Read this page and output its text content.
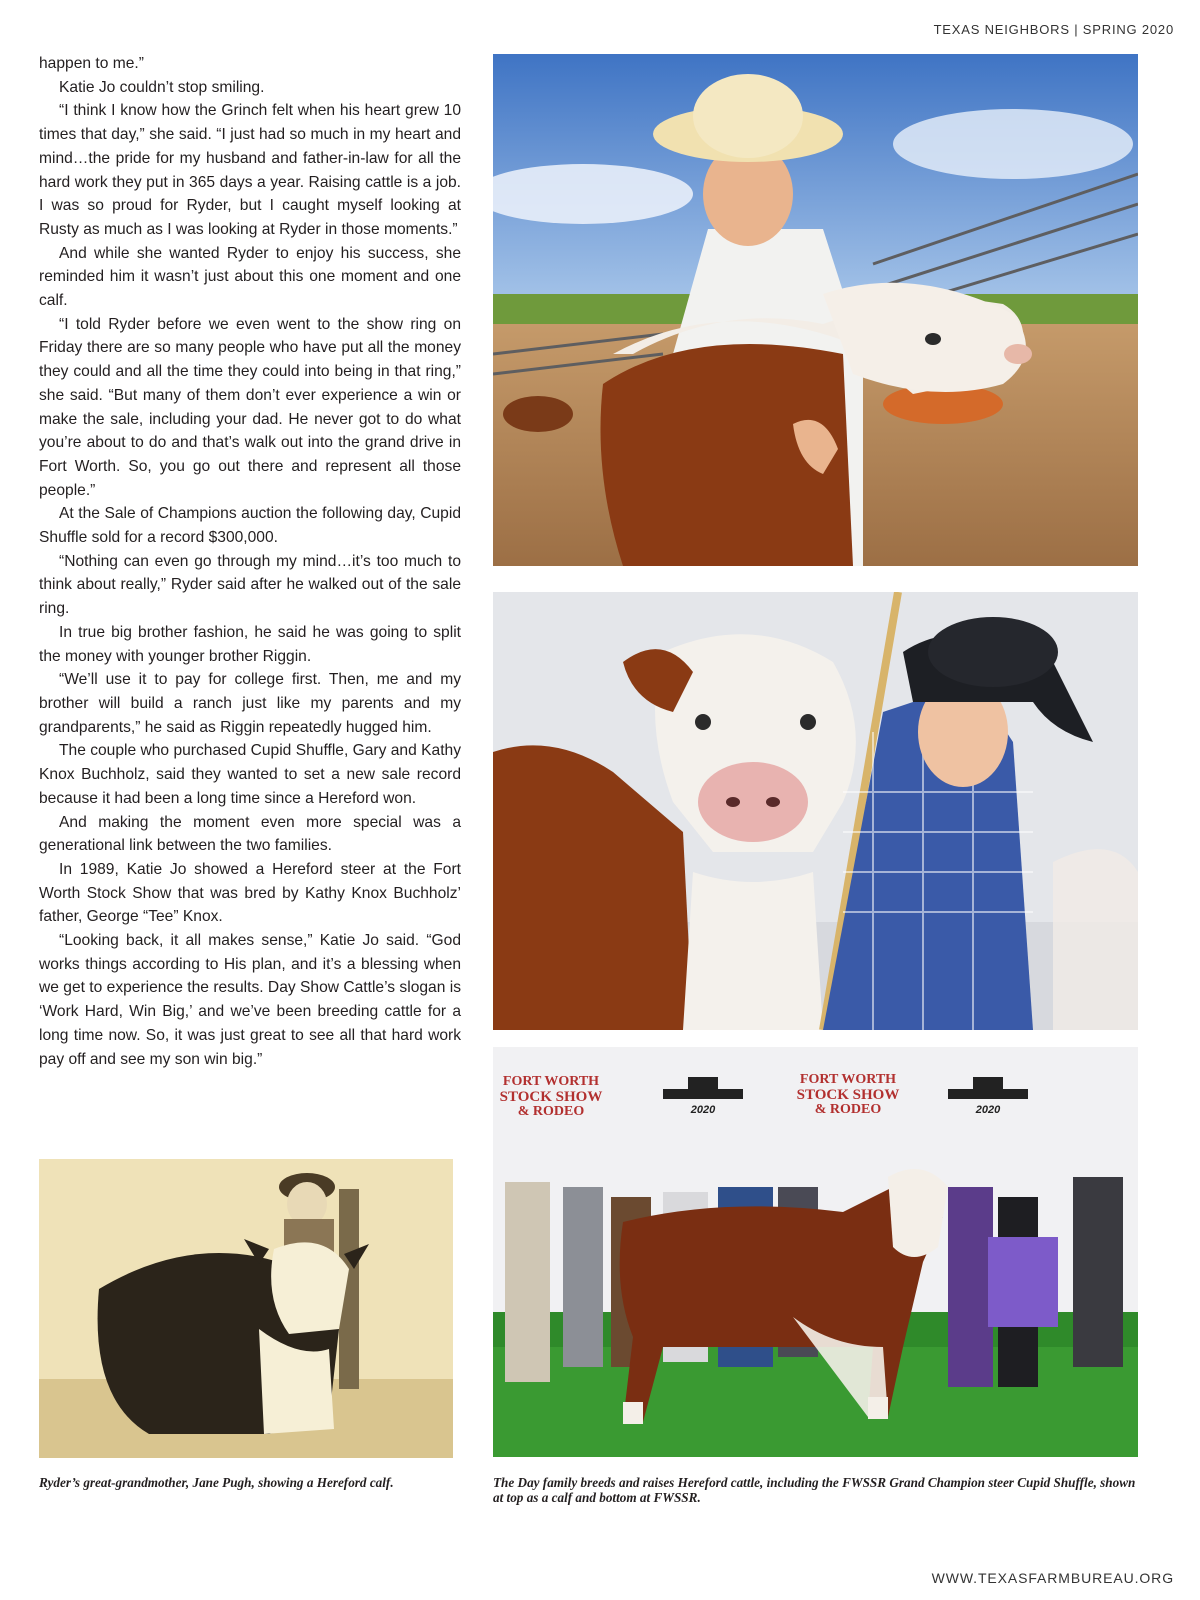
TEXAS NEIGHBORS | SPRING 2020

happen to me.”

Katie Jo couldn’t stop smiling.

“I think I know how the Grinch felt when his heart grew 10 times that day,” she said. “I just had so much in my heart and mind…the pride for my husband and father-in-law for all the hard work they put in 365 days a year. Raising cattle is a job. I was so proud for Ryder, but I caught myself looking at Rusty as much as I was looking at Ryder in those moments.”

And while she wanted Ryder to enjoy his success, she reminded him it wasn’t just about this one moment and one calf.

“I told Ryder before we even went to the show ring on Friday there are so many people who have put all the money they could and all the time they could into being in that ring,” she said. “But many of them don’t ever experience a win or make the sale, including your dad. He never got to do what you’re about to do and that’s walk out into the grand drive in Fort Worth. So, you go out there and represent all those people.”

At the Sale of Champions auction the following day, Cupid Shuffle sold for a record $300,000.

“Nothing can even go through my mind…it’s too much to think about really,” Ryder said after he walked out of the sale ring.

In true big brother fashion, he said he was going to split the money with younger brother Riggin.

“We’ll use it to pay for college first. Then, me and my brother will build a ranch just like my parents and my grandparents,” he said as Riggin repeatedly hugged him.

The couple who purchased Cupid Shuffle, Gary and Kathy Knox Buchholz, said they wanted to set a new sale record because it had been a long time since a Hereford won.

And making the moment even more special was a generational link between the two families.

In 1989, Katie Jo showed a Hereford steer at the Fort Worth Stock Show that was bred by Kathy Knox Buchholz’ father, George “Tee” Knox.

“Looking back, it all makes sense,” Katie Jo said. “God works things according to His plan, and it’s a blessing when we get to experience the results. Day Show Cattle’s slogan is ‘Work Hard, Win Big,’ and we’ve been breeding cattle for a long time now. So, it was just great to see all that hard work pay off and see my son win big.”

FORT WORTH
STOCK SHOW
& RODEO
FORT WORTH
STOCK SHOW
& RODEO
2020	2020
Ryder’s great-grandmother, Jane Pugh, showing a Hereford calf.	The Day family breeds and raises Hereford cattle, including the FWSSR Grand Champion steer Cupid Shuffle, shown at top as a calf and bottom at FWSSR.
WWW.TEXASFARMBUREAU.ORG
